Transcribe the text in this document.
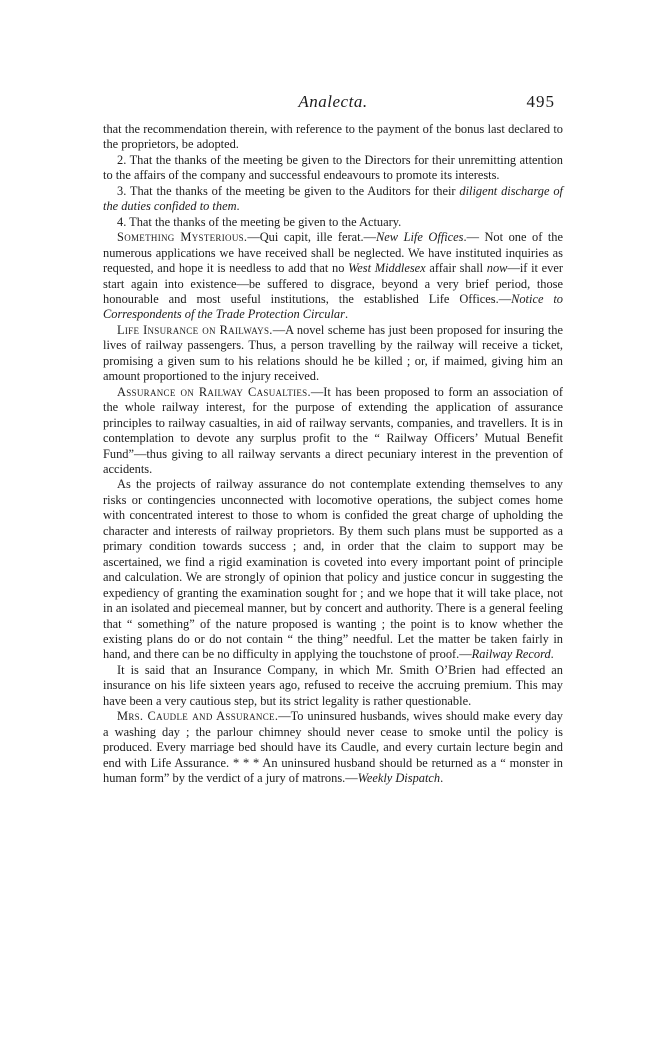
Analecta.	495

that the recommendation therein, with reference to the payment of the bonus last declared to the proprietors, be adopted.

2. That the thanks of the meeting be given to the Directors for their unremitting attention to the affairs of the company and successful endeavours to promote its interests.

3. That the thanks of the meeting be given to the Auditors for their diligent discharge of the duties confided to them.

4. That the thanks of the meeting be given to the Actuary.

Something Mysterious.—Qui capit, ille ferat.—New Life Offices.— Not one of the numerous applications we have received shall be neglected. We have instituted inquiries as requested, and hope it is needless to add that no West Middlesex affair shall now—if it ever start again into existence—be suffered to disgrace, beyond a very brief period, those honourable and most useful institutions, the established Life Offices.—Notice to Correspondents of the Trade Protection Circular.

Life Insurance on Railways.—A novel scheme has just been proposed for insuring the lives of railway passengers. Thus, a person travelling by the railway will receive a ticket, promising a given sum to his relations should he be killed ; or, if maimed, giving him an amount proportioned to the injury received.

Assurance on Railway Casualties.—It has been proposed to form an association of the whole railway interest, for the purpose of extending the application of assurance principles to railway casualties, in aid of railway servants, companies, and travellers. It is in contemplation to devote any surplus profit to the “ Railway Officers’ Mutual Benefit Fund”—thus giving to all railway servants a direct pecuniary interest in the prevention of accidents.

As the projects of railway assurance do not contemplate extending themselves to any risks or contingencies unconnected with locomotive operations, the subject comes home with concentrated interest to those to whom is confided the great charge of upholding the character and interests of railway proprietors. By them such plans must be supported as a primary condition towards success ; and, in order that the claim to support may be ascertained, we find a rigid examination is coveted into every important point of principle and calculation. We are strongly of opinion that policy and justice concur in suggesting the expediency of granting the examination sought for ; and we hope that it will take place, not in an isolated and piecemeal manner, but by concert and authority. There is a general feeling that “ something” of the nature proposed is wanting ; the point is to know whether the existing plans do or do not contain “ the thing” needful. Let the matter be taken fairly in hand, and there can be no difficulty in applying the touchstone of proof.—Railway Record.

It is said that an Insurance Company, in which Mr. Smith O’Brien had effected an insurance on his life sixteen years ago, refused to receive the accruing premium. This may have been a very cautious step, but its strict legality is rather questionable.

Mrs. Caudle and Assurance.—To uninsured husbands, wives should make every day a washing day ; the parlour chimney should never cease to smoke until the policy is produced. Every marriage bed should have its Caudle, and every curtain lecture begin and end with Life Assurance. * * * An uninsured husband should be returned as a “ monster in human form” by the verdict of a jury of matrons.—Weekly Dispatch.
